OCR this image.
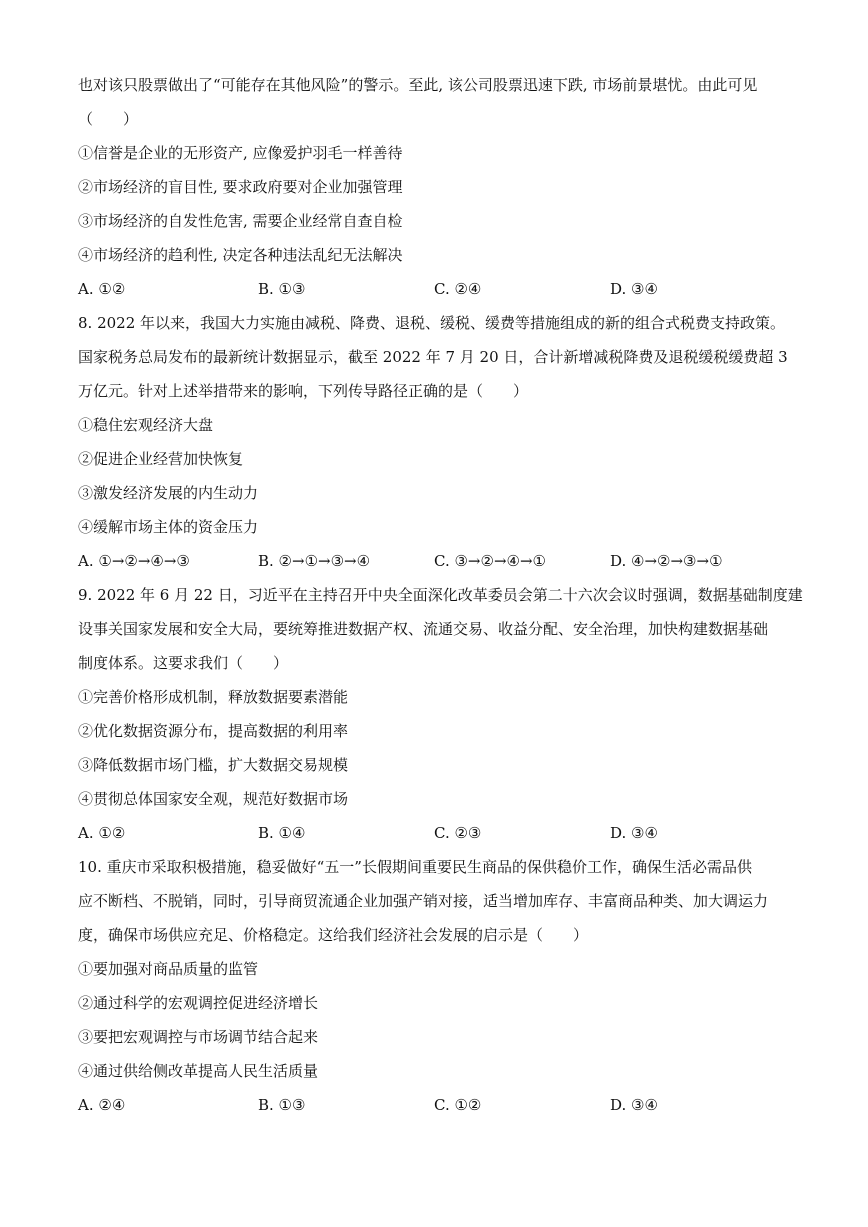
也对该只股票做出了“可能存在其他风险”的警示。至此, 该公司股票迅速下跌, 市场前景堪忧。由此可见
（　　）
①信誉是企业的无形资产, 应像爱护羽毛一样善待
②市场经济的盲目性, 要求政府要对企业加强管理
③市场经济的自发性危害, 需要企业经常自查自检
④市场经济的趋利性, 决定各种违法乱纪无法解决
A. ①②	B. ①③	C. ②④	D. ③④
8. 2022 年以来，我国大力实施由减税、降费、退税、缓税、缓费等措施组成的新的组合式税费支持政策。
国家税务总局发布的最新统计数据显示，截至 2022 年 7 月 20 日，合计新增减税降费及退税缓税缓费超 3
万亿元。针对上述举措带来的影响，下列传导路径正确的是（　　）
①稳住宏观经济大盘
②促进企业经营加快恢复
③激发经济发展的内生动力
④缓解市场主体的资金压力
A. ①→②→④→③	B. ②→①→③→④	C. ③→②→④→①	D. ④→②→③→①
9. 2022 年 6 月 22 日，习近平在主持召开中央全面深化改革委员会第二十六次会议时强调，数据基础制度建
设事关国家发展和安全大局，要统筹推进数据产权、流通交易、收益分配、安全治理，加快构建数据基础
制度体系。这要求我们（　　）
①完善价格形成机制，释放数据要素潜能
②优化数据资源分布，提高数据的利用率
③降低数据市场门槛，扩大数据交易规模
④贯彻总体国家安全观，规范好数据市场
A. ①②	B. ①④	C. ②③	D. ③④
10. 重庆市采取积极措施，稳妥做好“五一”长假期间重要民生商品的保供稳价工作，确保生活必需品供
应不断档、不脱销，同时，引导商贸流通企业加强产销对接，适当增加库存、丰富商品种类、加大调运力
度，确保市场供应充足、价格稳定。这给我们经济社会发展的启示是（　　）
①要加强对商品质量的监管
②通过科学的宏观调控促进经济增长
③要把宏观调控与市场调节结合起来
④通过供给侧改革提高人民生活质量
A. ②④	B. ①③	C. ①②	D. ③④
